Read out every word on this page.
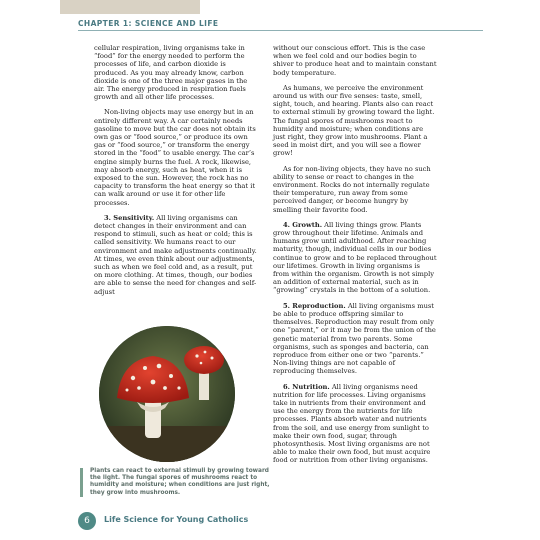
CHAPTER 1: SCIENCE AND LIFE

cellular respiration, living organisms take in “food” for the energy needed to perform the processes of life, and carbon dioxide is produced. As you may already know, carbon dioxide is one of the three major gases in the air. The energy produced in respiration fuels growth and all other life processes.

Non-living objects may use energy but in an entirely different way. A car certainly needs gasoline to move but the car does not obtain its own gas or “food source,” or produce its own gas or “food source,” or transform the energy stored in the “food” to usable energy. The car’s engine simply burns the fuel. A rock, likewise, may absorb energy, such as heat, when it is exposed to the sun. However, the rock has no capacity to transform the heat energy so that it can walk around or use it for other life processes.

3. Sensitivity. All living organisms can detect changes in their environment and can respond to stimuli, such as heat or cold; this is called sensitivity. We humans react to our environment and make adjustments continually. At times, we even think about our adjustments, such as when we feel cold and, as a result, put on more clothing. At times, though, our bodies are able to sense the need for changes and self-adjust

Plants can react to external stimuli by growing toward the light. The fungal spores of mushrooms react to humidity and moisture; when conditions are just right, they grow into mushrooms.

without our conscious effort. This is the case when we feel cold and our bodies begin to shiver to produce heat and to maintain constant body temperature.

As humans, we perceive the environment around us with our five senses: taste, smell, sight, touch, and hearing. Plants also can react to external stimuli by growing toward the light. The fungal spores of mushrooms react to humidity and moisture; when conditions are just right, they grow into mushrooms. Plant a seed in moist dirt, and you will see a flower grow!

As for non-living objects, they have no such ability to sense or react to changes in the environment. Rocks do not internally regulate their temperature, run away from some perceived danger, or become hungry by smelling their favorite food.

4. Growth. All living things grow. Plants grow throughout their lifetime. Animals and humans grow until adulthood. After reaching maturity, though, individual cells in our bodies continue to grow and to be replaced throughout our lifetimes. Growth in living organisms is from within the organism. Growth is not simply an addition of external material, such as in “growing” crystals in the bottom of a solution.

5. Reproduction. All living organisms must be able to produce offspring similar to themselves. Reproduction may result from only one “parent,” or it may be from the union of the genetic material from two parents. Some organisms, such as sponges and bacteria, can reproduce from either one or two “parents.” Non-living things are not capable of reproducing themselves.

6. Nutrition. All living organisms need nutrition for life processes. Living organisms take in nutrients from their environment and use the energy from the nutrients for life processes. Plants absorb water and nutrients from the soil, and use energy from sunlight to make their own food, sugar, through photosynthesis. Most living organisms are not able to make their own food, but must acquire food or nutrition from other living organisms.

6	Life Science for Young Catholics
